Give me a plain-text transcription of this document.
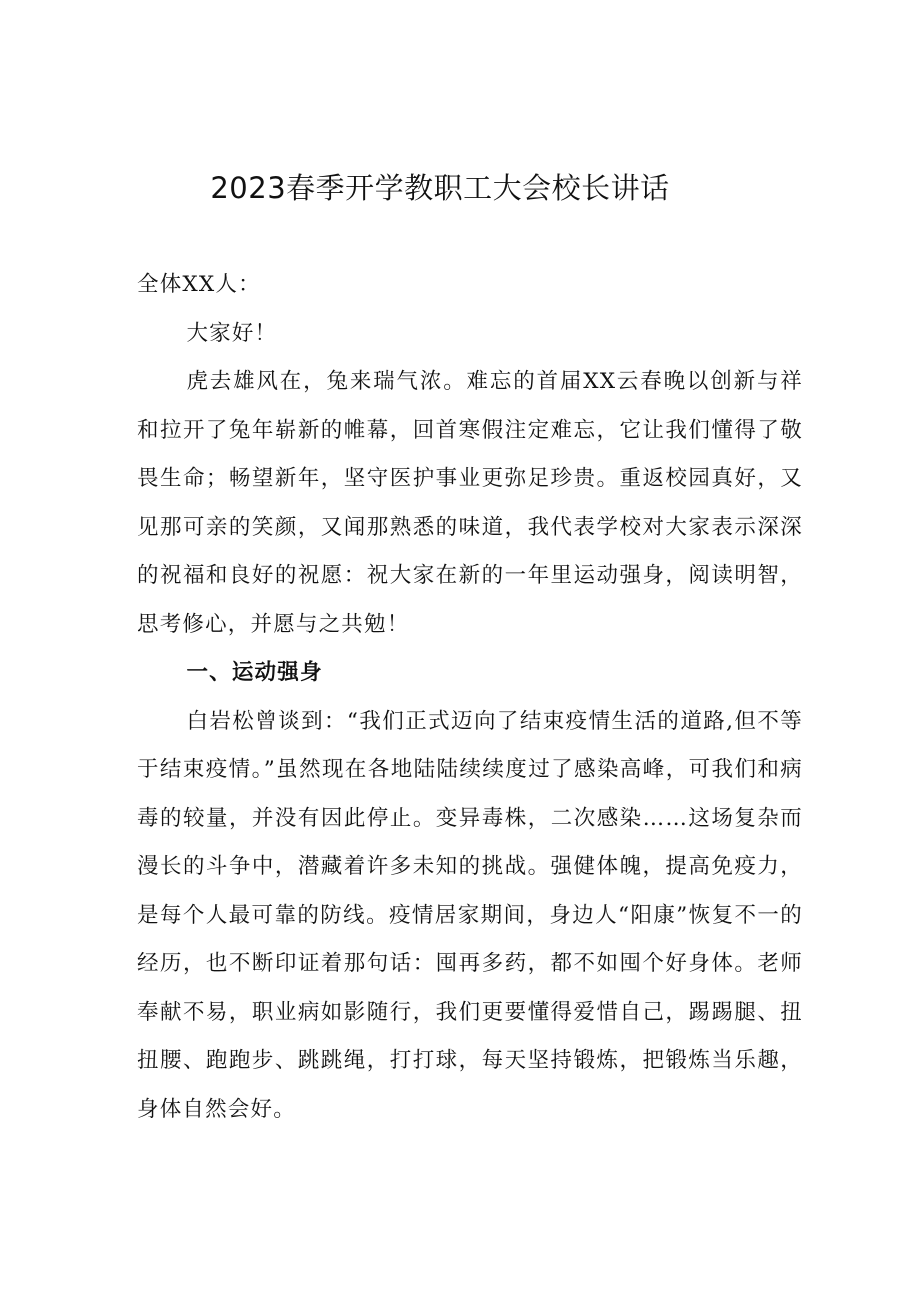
2023春季开学教职工大会校长讲话

全体XX人：

大家好！

虎去雄风在，兔来瑞气浓。难忘的首届XX云春晚以创新与祥和拉开了兔年崭新的帷幕，回首寒假注定难忘，它让我们懂得了敬畏生命；畅望新年，坚守医护事业更弥足珍贵。重返校园真好，又见那可亲的笑颜，又闻那熟悉的味道，我代表学校对大家表示深深的祝福和良好的祝愿：祝大家在新的一年里运动强身，阅读明智，思考修心，并愿与之共勉！

一、运动强身

白岩松曾谈到：“我们正式迈向了结束疫情生活的道路,但不等于结束疫情。”虽然现在各地陆陆续续度过了感染高峰，可我们和病毒的较量，并没有因此停止。变异毒株，二次感染……这场复杂而漫长的斗争中，潜藏着许多未知的挑战。强健体魄，提高免疫力，是每个人最可靠的防线。疫情居家期间，身边人“阳康”恢复不一的经历，也不断印证着那句话：囤再多药，都不如囤个好身体。老师奉献不易，职业病如影随行，我们更要懂得爱惜自己，踢踢腿、扭扭腰、跑跑步、跳跳绳，打打球，每天坚持锻炼，把锻炼当乐趣，身体自然会好。
